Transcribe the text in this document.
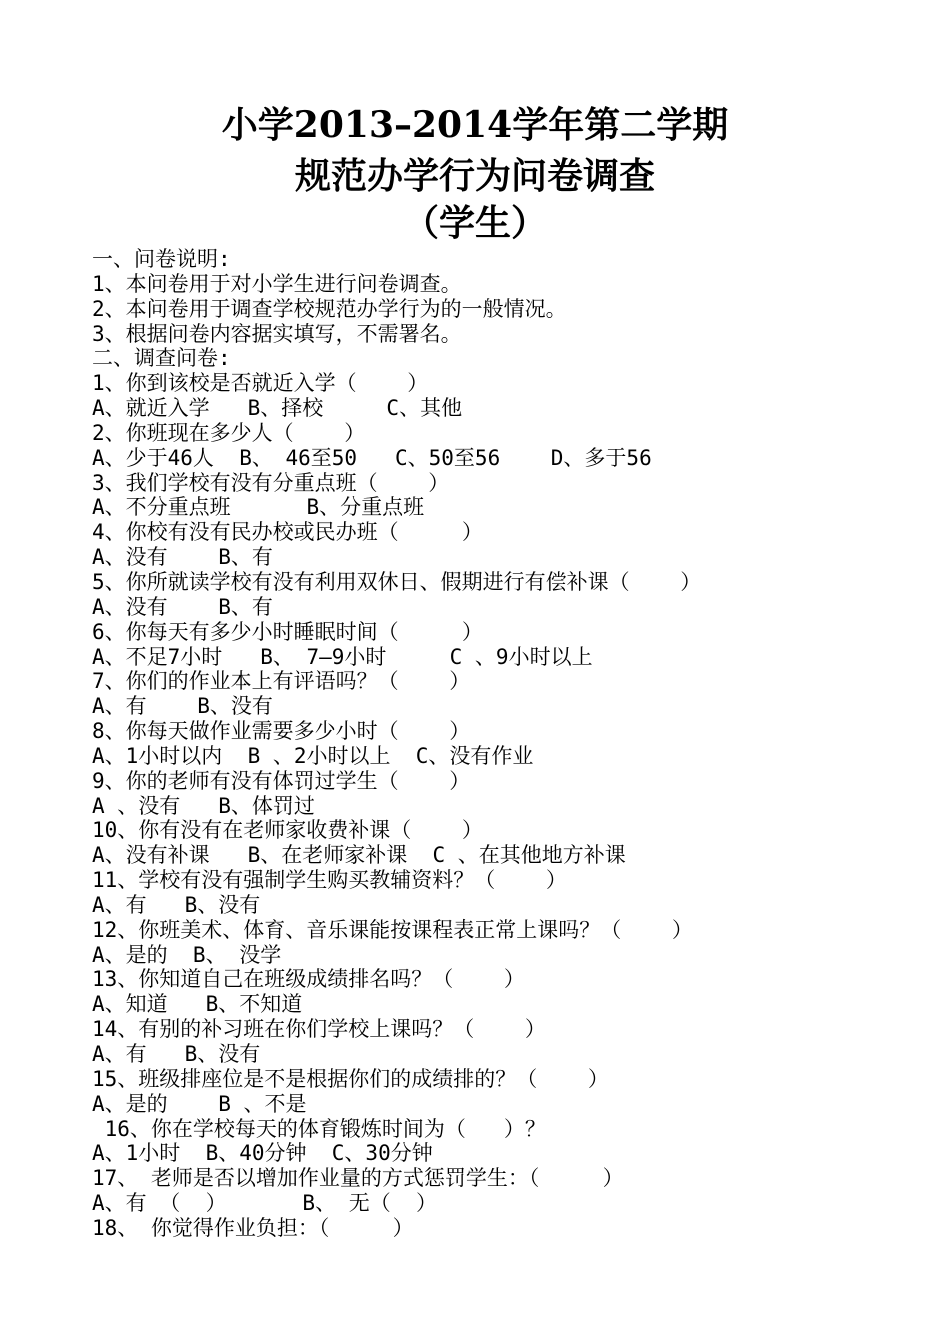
小学2013–2014学年第二学期
规范办学行为问卷调查
（学生）
一、问卷说明:
1、本问卷用于对小学生进行问卷调查。
2、本问卷用于调查学校规范办学行为的一般情况。
3、根据问卷内容据实填写，不需署名。
二、调查问卷:
1、你到该校是否就近入学（    ）
A、就近入学   B、择校     C、其他
2、你班现在多少人（    ）
A、少于46人  B、 46至50   C、50至56    D、多于56
3、我们学校有没有分重点班（    ）
A、不分重点班      B、分重点班
4、你校有没有民办校或民办班（     ）
A、没有    B、有
5、你所就读学校有没有利用双休日、假期进行有偿补课（    ）
A、没有    B、有
6、你每天有多少小时睡眠时间（     ）
A、不足7小时   B、 7—9小时     C 、9小时以上
7、你们的作业本上有评语吗？（    ）
A、有    B、没有
8、你每天做作业需要多少小时（    ）
A、1小时以内  B 、2小时以上  C、没有作业
9、你的老师有没有体罚过学生（    ）
A 、没有   B、体罚过
10、你有没有在老师家收费补课（    ）
A、没有补课   B、在老师家补课  C 、在其他地方补课
11、学校有没有强制学生购买教辅资料？（    ）
A、有   B、没有
12、你班美术、体育、音乐课能按课程表正常上课吗？（    ）
A、是的  B、 没学
13、你知道自己在班级成绩排名吗？（    ）
A、知道   B、不知道
14、有别的补习班在你们学校上课吗？（    ）
A、有   B、没有
15、班级排座位是不是根据你们的成绩排的？（    ）
A、是的    B 、不是
16、你在学校每天的体育锻炼时间为（   ）？
A、1小时  B、40分钟  C、30分钟
17、 老师是否以增加作业量的方式惩罚学生：（     ）
A、有 （  ）      B、 无（  ）
18、 你觉得作业负担：（     ）
